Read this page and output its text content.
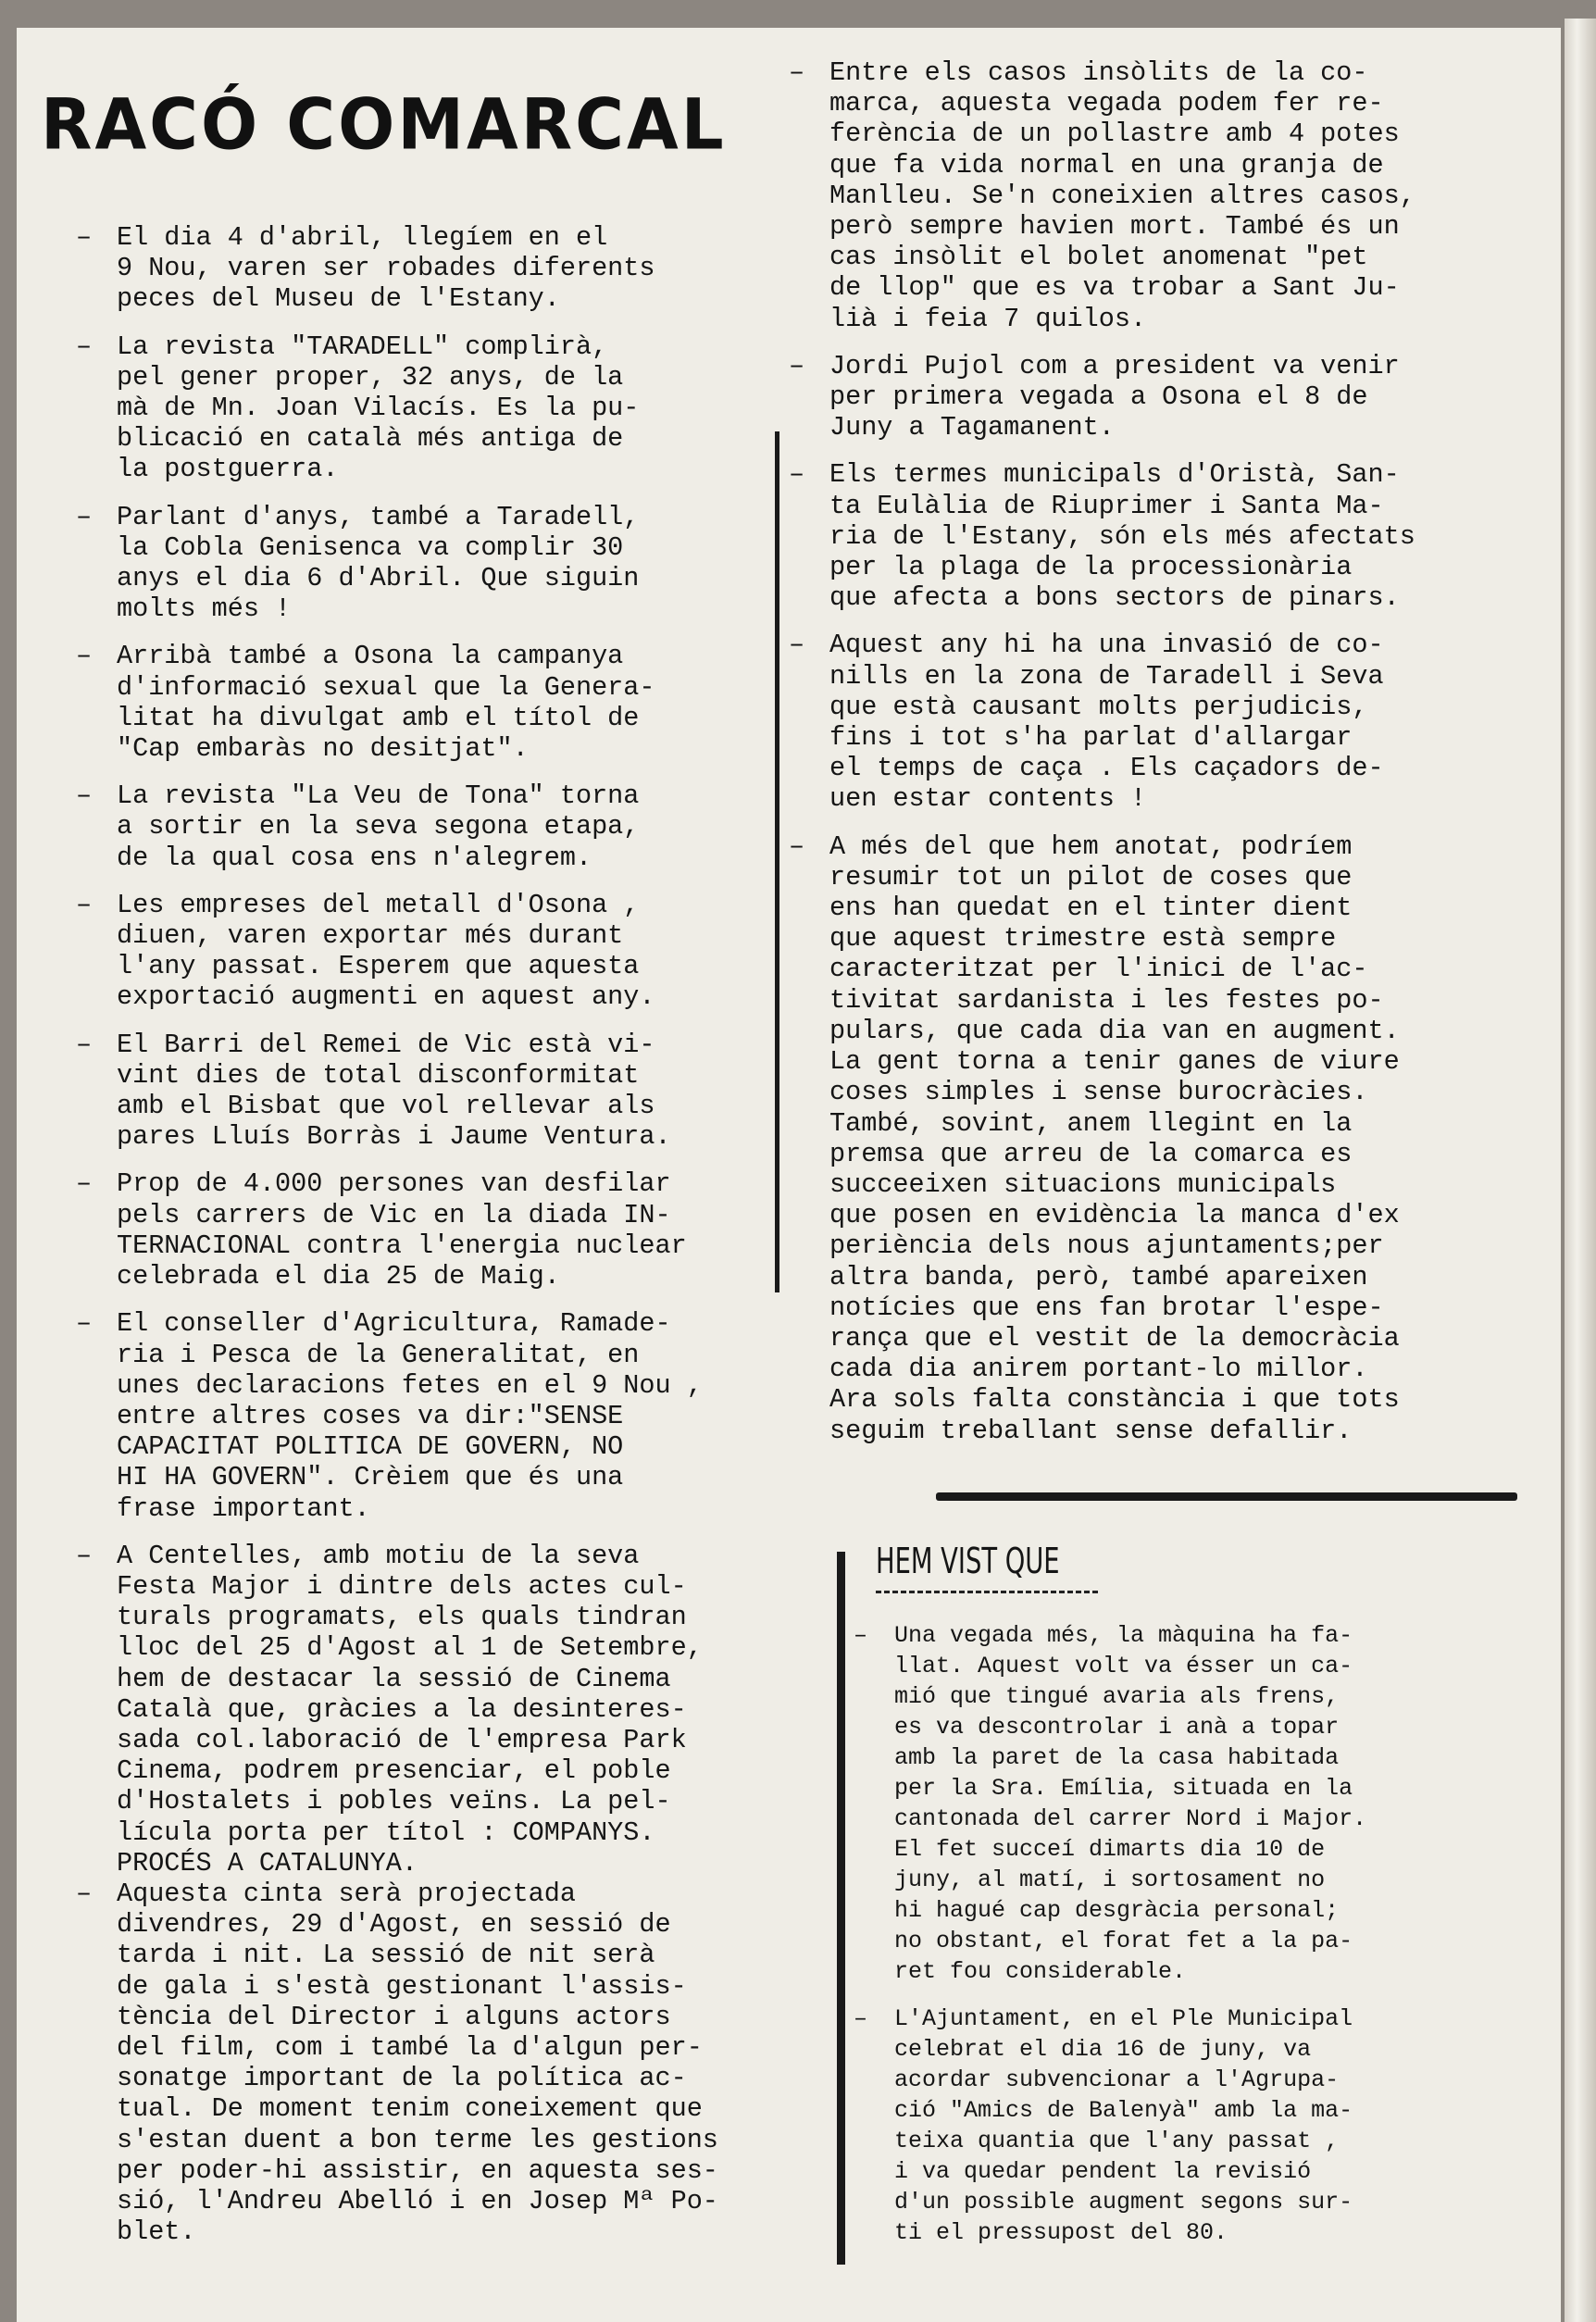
RACÓ COMARCAL
– El dia 4 d'abril, llegíem en el
9 Nou, varen ser robades diferents
peces del Museu de l'Estany.
– La revista "TARADELL" complirà,
pel gener proper, 32 anys, de la
mà de Mn. Joan Vilacís. Es la pu-
blicació en català més antiga de
la postguerra.
– Parlant d'anys, també a Taradell,
la Cobla Genisenca va complir 30
anys el dia 6 d'Abril. Que siguin
molts més !
– Arribà també a Osona la campanya
d'informació sexual que la Genera-
litat ha divulgat amb el títol de
"Cap embaràs no desitjat".
– La revista "La Veu de Tona" torna
a sortir en la seva segona etapa,
de la qual cosa ens n'alegrem.
– Les empreses del metall d'Osona ,
diuen, varen exportar més durant
l'any passat. Esperem que aquesta
exportació augmenti en aquest any.
– El Barri del Remei de Vic està vi-
vint dies de total disconformitat
amb el Bisbat que vol rellevar als
pares Lluís Borràs i Jaume Ventura.
– Prop de 4.000 persones van desfilar
pels carrers de Vic en la diada IN-
TERNACIONAL contra l'energia nuclear
celebrada el dia 25 de Maig.
– El conseller d'Agricultura, Ramade-
ria i Pesca de la Generalitat, en
unes declaracions fetes en el 9 Nou ,
entre altres coses va dir:"SENSE
CAPACITAT POLITICA DE GOVERN, NO
HI HA GOVERN". Crèiem que és una
frase important.
– A Centelles, amb motiu de la seva
Festa Major i dintre dels actes cul-
turals programats, els quals tindran
lloc del 25 d'Agost al 1 de Setembre,
hem de destacar la sessió de Cinema
Català que, gràcies a la desinteres-
sada col.laboració de l'empresa Park
Cinema, podrem presenciar, el poble
d'Hostalets i pobles veïns. La pel-
lícula porta per títol : COMPANYS.
PROCÉS A CATALUNYA.
– Aquesta cinta serà projectada
divendres, 29 d'Agost, en sessió de
tarda i nit. La sessió de nit serà
de gala i s'està gestionant l'assis-
tència del Director i alguns actors
del film, com i també la d'algun per-
sonatge important de la política ac-
tual. De moment tenim coneixement que
s'estan duent a bon terme les gestions
per poder-hi assistir, en aquesta ses-
sió, l'Andreu Abelló i en Josep Mª Po-
blet.
– Entre els casos insòlits de la co-
marca, aquesta vegada podem fer re-
ferència de un pollastre amb 4 potes
que fa vida normal en una granja de
Manlleu. Se'n coneixien altres casos,
però sempre havien mort. També és un
cas insòlit el bolet anomenat "pet
de llop" que es va trobar a Sant Ju-
lià i feia 7 quilos.
– Jordi Pujol com a president va venir
per primera vegada a Osona el 8 de
Juny a Tagamanent.
– Els termes municipals d'Oristà, San-
ta Eulàlia de Riuprimer i Santa Ma-
ria de l'Estany, són els més afectats
per la plaga de la processionària
que afecta a bons sectors de pinars.
– Aquest any hi ha una invasió de co-
nills en la zona de Taradell i Seva
que està causant molts perjudicis,
fins i tot s'ha parlat d'allargar
el temps de caça . Els caçadors de-
uen estar contents !
– A més del que hem anotat, podríem
resumir tot un pilot de coses que
ens han quedat en el tinter dient
que aquest trimestre està sempre
caracteritzat per l'inici de l'ac-
tivitat sardanista i les festes po-
pulars, que cada dia van en augment.
La gent torna a tenir ganes de viure
coses simples i sense burocràcies.
També, sovint, anem llegint en la
premsa que arreu de la comarca es
succeeixen situacions municipals
que posen en evidència la manca d'ex
periència dels nous ajuntaments;per
altra banda, però, també apareixen
notícies que ens fan brotar l'espe-
rança que el vestit de la democràcia
cada dia anirem portant-lo millor.
Ara sols falta constància i que tots
seguim treballant sense defallir.
HEM VIST QUE
– Una vegada més, la màquina ha fa-
llat. Aquest volt va ésser un ca-
mió que tingué avaria als frens,
es va descontrolar i anà a topar
amb la paret de la casa habitada
per la Sra. Emília, situada en la
cantonada del carrer Nord i Major.
El fet succeí dimarts dia 10 de
juny, al matí, i sortosament no
hi hagué cap desgràcia personal;
no obstant, el forat fet a la pa-
ret fou considerable.
– L'Ajuntament, en el Ple Municipal
celebrat el dia 16 de juny, va
acordar subvencionar a l'Agrupa-
ció "Amics de Balenyà" amb la ma-
teixa quantia que l'any passat ,
i va quedar pendent la revisió
d'un possible augment segons sur-
ti el pressupost del 80.
